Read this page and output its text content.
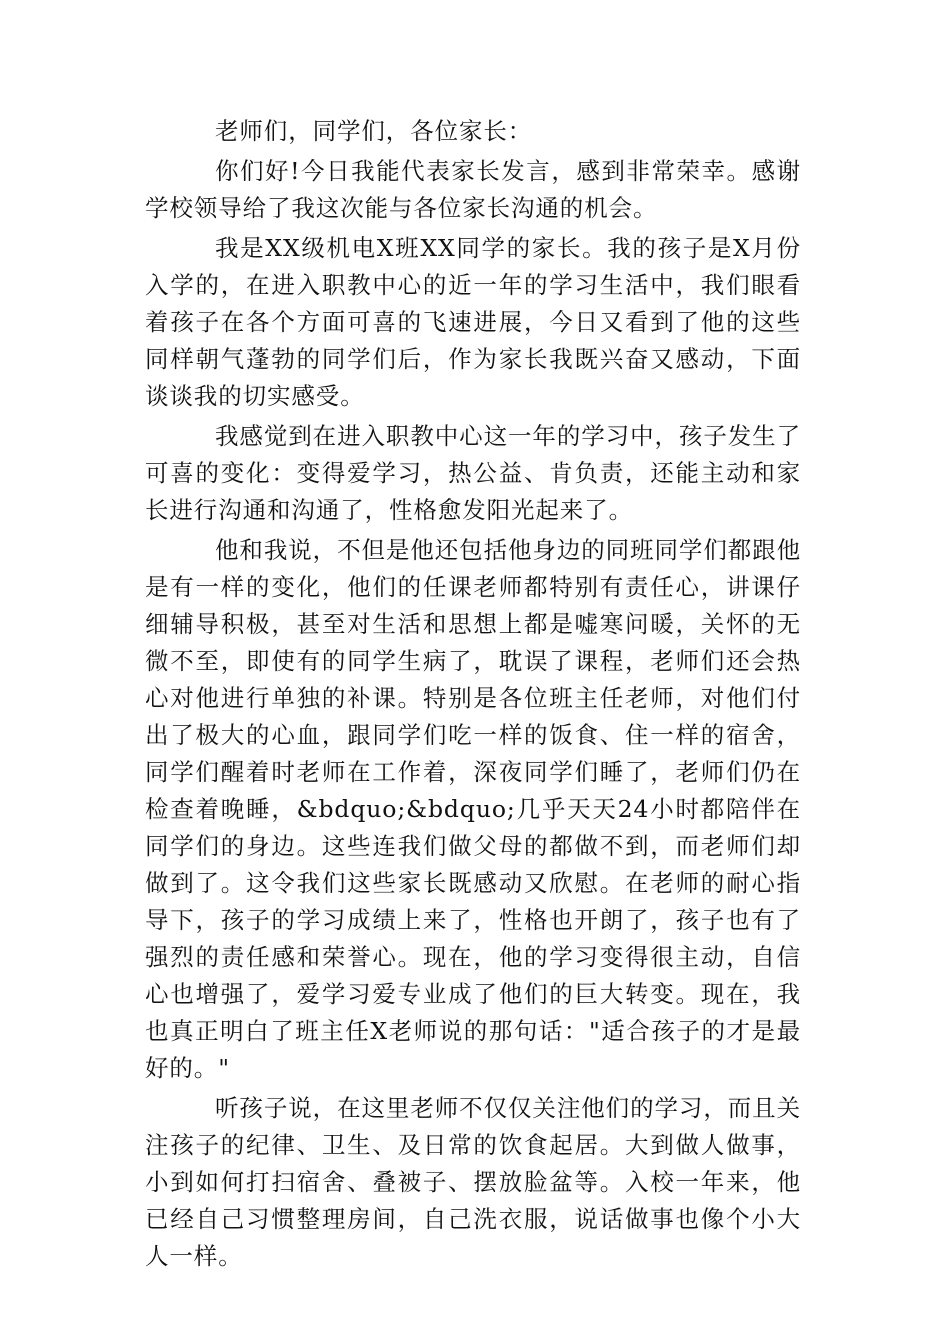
老师们，同学们，各位家长：

你们好!今日我能代表家长发言，感到非常荣幸。感谢学校领导给了我这次能与各位家长沟通的机会。

我是XX级机电X班XX同学的家长。我的孩子是X月份入学的，在进入职教中心的近一年的学习生活中，我们眼看着孩子在各个方面可喜的飞速进展，今日又看到了他的这些同样朝气蓬勃的同学们后，作为家长我既兴奋又感动，下面谈谈我的切实感受。

我感觉到在进入职教中心这一年的学习中，孩子发生了可喜的变化：变得爱学习，热公益、肯负责，还能主动和家长进行沟通和沟通了，性格愈发阳光起来了。

他和我说，不但是他还包括他身边的同班同学们都跟他是有一样的变化，他们的任课老师都特别有责任心，讲课仔细辅导积极，甚至对生活和思想上都是嘘寒问暖，关怀的无微不至，即使有的同学生病了，耽误了课程，老师们还会热心对他进行单独的补课。特别是各位班主任老师，对他们付出了极大的心血，跟同学们吃一样的饭食、住一样的宿舍，同学们醒着时老师在工作着，深夜同学们睡了，老师们仍在检查着晚睡，&bdquo;&bdquo;几乎天天24小时都陪伴在同学们的身边。这些连我们做父母的都做不到，而老师们却做到了。这令我们这些家长既感动又欣慰。在老师的耐心指导下，孩子的学习成绩上来了，性格也开朗了，孩子也有了强烈的责任感和荣誉心。现在，他的学习变得很主动，自信心也增强了，爱学习爱专业成了他们的巨大转变。现在，我也真正明白了班主任X老师说的那句话："适合孩子的才是最好的。"

听孩子说，在这里老师不仅仅关注他们的学习，而且关注孩子的纪律、卫生、及日常的饮食起居。大到做人做事，小到如何打扫宿舍、叠被子、摆放脸盆等。入校一年来，他已经自己习惯整理房间，自己洗衣服，说话做事也像个小大人一样。
